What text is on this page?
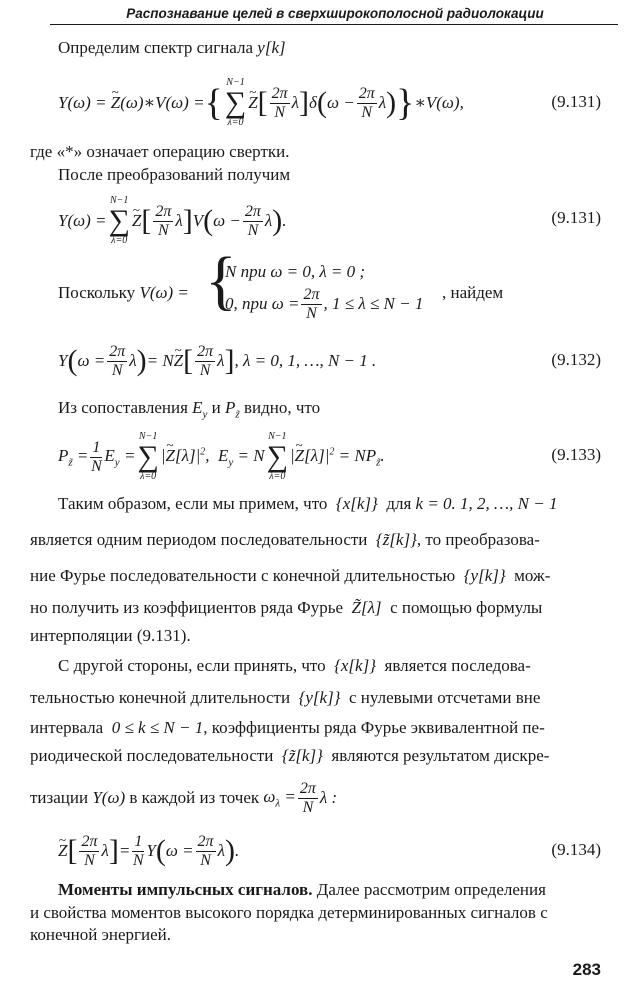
Распознавание целей в сверхширокополосной радиолокации
Определим спектр сигнала y[k]
Y(ω) = ~ Z(ω)∗V(ω) = { N−1
∑
λ=0
~ Z [ $\frac{2\pi}{N}$ λ ] δ ( $\omega - \frac{2\pi}{N}$ λ ) } ∗V(ω),	(9.131)
где «*» означает операцию свертки.
После преобразований получим
Y(ω) =
N−1
∑
λ=0
~ Z [ $\frac{2\pi}{N}$ λ ] V ( $\omega - \frac{2\pi}{N}$ λ ) .	(9.131)
Поскольку V(ω) = {
N при ω = 0, λ = 0 ;
0, при $\omega = \frac{2\pi}{N}$ , 1 ≤ λ ≤ N − 1
, найдем
Y ( $\omega = \frac{2\pi}{N}$ λ ) = N~ Z [ $\frac{2\pi}{N}$ λ ] , λ = 0, 1, …, N − 1 .	(9.132)
Из сопоставления $E_y$ и $P_{z̃}$ видно, что
$P_{z̃} = \frac{1}{N} E_y$ =
N−1
∑
λ=0
|~ $Z[\lambda]|^2$,  $E_y = N$
N−1
∑
λ=0
|~ $Z[\lambda]|^2 = NP_{z̃}$.	(9.133)
Таким образом, если мы примем, что {x[k]} для k = 0. 1, 2, …, N − 1
является одним периодом последовательности {z̃[k]}, то преобразова-
ние Фурье последовательности с конечной длительностью {y[k]} мож-
но получить из коэффициентов ряда Фурье Z̃[λ] с помощью формулы
интерполяции (9.131).
С другой стороны, если принять, что {x[k]} является последова-
тельностью конечной длительности {y[k]} с нулевыми отсчетами вне
интервала 0 ≤ k ≤ N − 1, коэффициенты ряда Фурье эквивалентной пе-
риодической последовательности {z̃[k]} являются результатом дискре-
тизации
Y(ω)
в каждой из точек
$\omega_\lambda = \frac{2\pi}{N}$ λ :
~ Z [ $\frac{2\pi}{N}$ λ ] = $\frac{1}{N}$ Y ( $\omega = \frac{2\pi}{N}$ λ ) .	(9.134)
Моменты импульсных сигналов. Далее рассмотрим определения
и свойства моментов высокого порядка детерминированных сигналов с
конечной энергией.
283
